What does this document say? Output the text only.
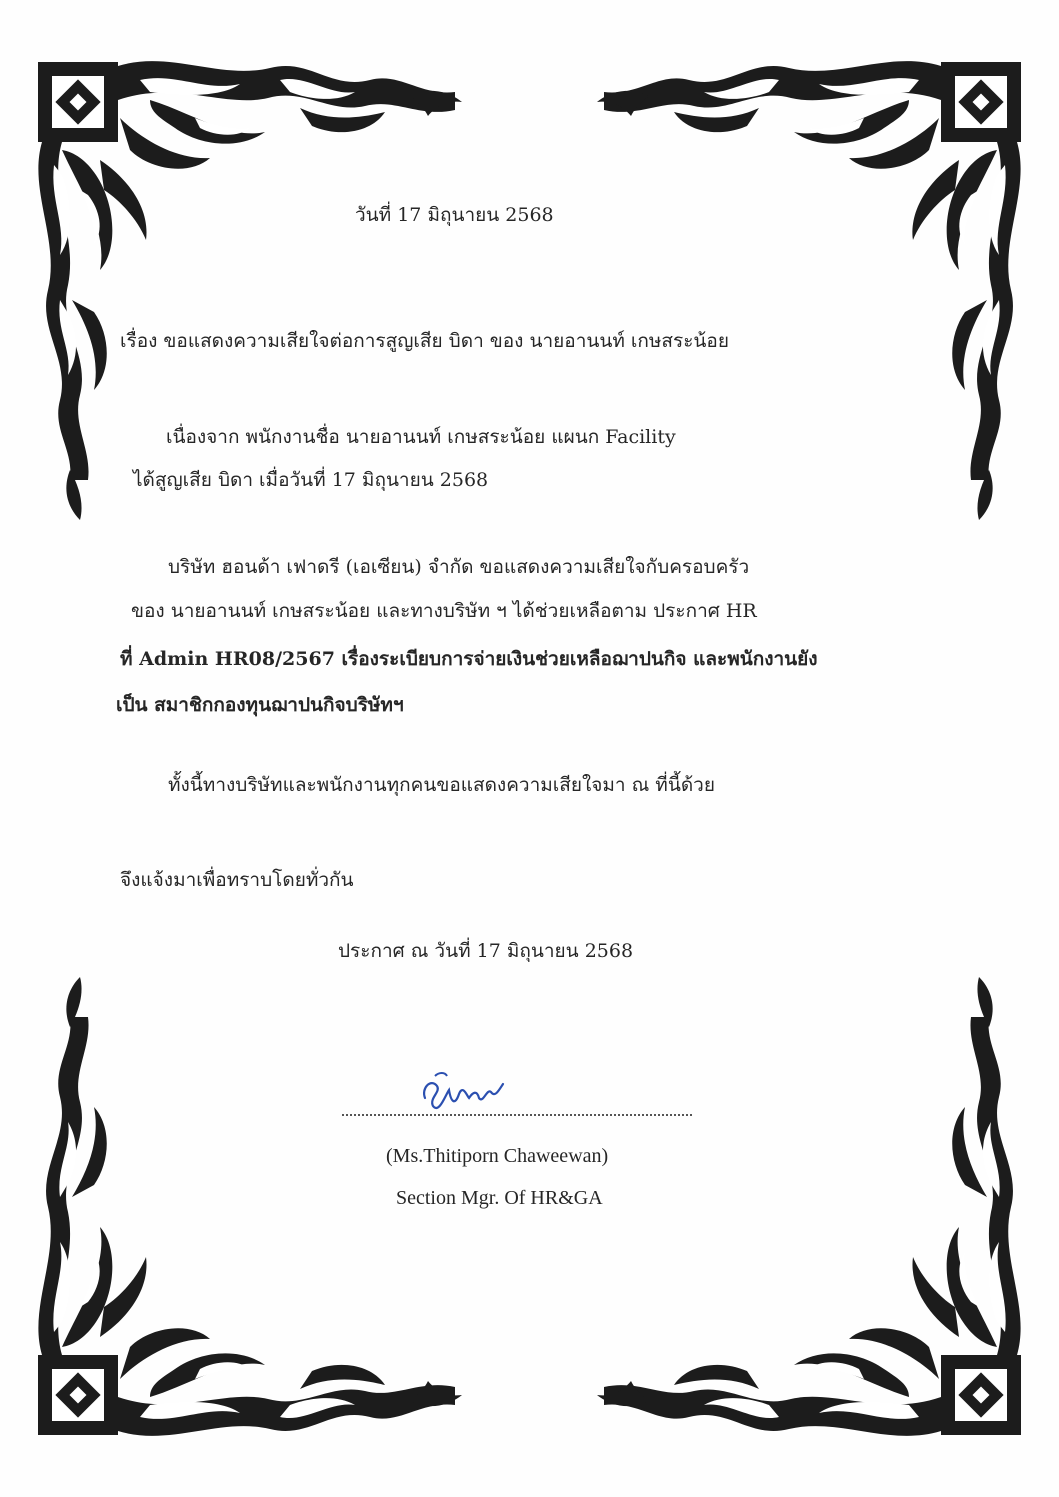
วันที่ 17 มิถุนายน 2568

เรื่อง ขอแสดงความเสียใจต่อการสูญเสีย บิดา ของ นายอานนท์ เกษสระน้อย

เนื่องจาก พนักงานชื่อ นายอานนท์ เกษสระน้อย แผนก Facility

ได้สูญเสีย บิดา เมื่อวันที่ 17 มิถุนายน 2568

บริษัท ฮอนด้า เฟาดรี (เอเซียน) จำกัด ขอแสดงความเสียใจกับครอบครัว

ของ นายอานนท์ เกษสระน้อย และทางบริษัท ฯ ได้ช่วยเหลือตาม ประกาศ HR

ที่ Admin HR08/2567 เรื่องระเบียบการจ่ายเงินช่วยเหลือฌาปนกิจ และพนักงานยัง

เป็น สมาชิกกองทุนฌาปนกิจบริษัทฯ

ทั้งนี้ทางบริษัทและพนักงานทุกคนขอแสดงความเสียใจมา ณ ที่นี้ด้วย

จึงแจ้งมาเพื่อทราบโดยทั่วกัน

ประกาศ ณ วันที่ 17 มิถุนายน 2568

(Ms.Thitiporn Chaweewan)

Section Mgr. Of HR&GA
